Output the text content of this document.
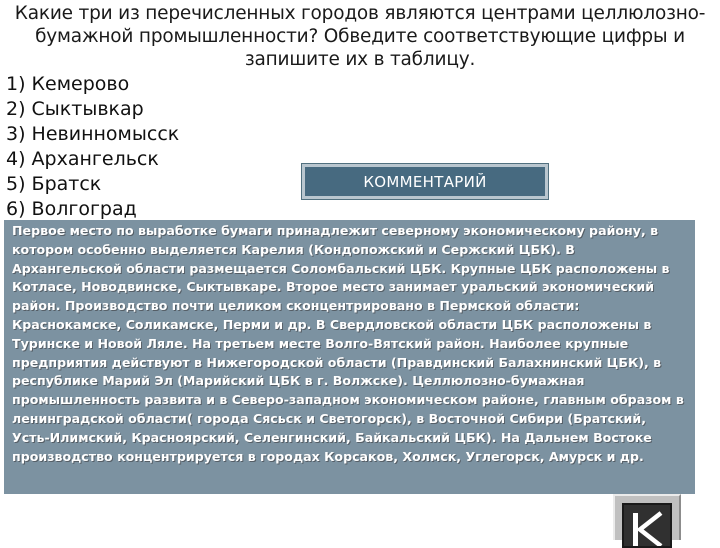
Какие три из перечисленных городов являются центрами целлюлозно-бумажной промышленности? Обведите соответствующие цифры и запишите их в таблицу.
1) Кемерово
2) Сыктывкар
3) Невинномысск
4) Архангельск
5) Братск
6) Волгоград
КОММЕНТАРИЙ

Первое место по выработке бумаги принадлежит северному экономическому району, в котором особенно выделяется Карелия (Кондопожский и Сержский ЦБК). В Архангельской области размещается Соломбальский ЦБК. Крупные ЦБК расположены в Котласе, Новодвинске, Сыктывкаре. Второе место занимает уральский экономический район. Производство почти целиком сконцентрировано в Пермской области: Краснокамске, Соликамске, Перми и др. В Свердловской области ЦБК расположены в Туринске и Новой Ляле. На третьем месте Волго-Вятский район. Наиболее крупные предприятия действуют в Нижегородской области (Правдинский Балахнинский ЦБК), в республике Марий Эл (Марийский ЦБК в г. Волжске). Целлюлозно-бумажная промышленность развита и в Северо-западном экономическом районе, главным образом в ленинградской области( города Сясьск и Светогорск), в Восточной Сибири (Братский, Усть-Илимский, Красноярский, Селенгинский, Байкальский ЦБК). На Дальнем Востоке производство концентрируется в городах Корсаков, Холмск, Углегорск, Амурск и др.
